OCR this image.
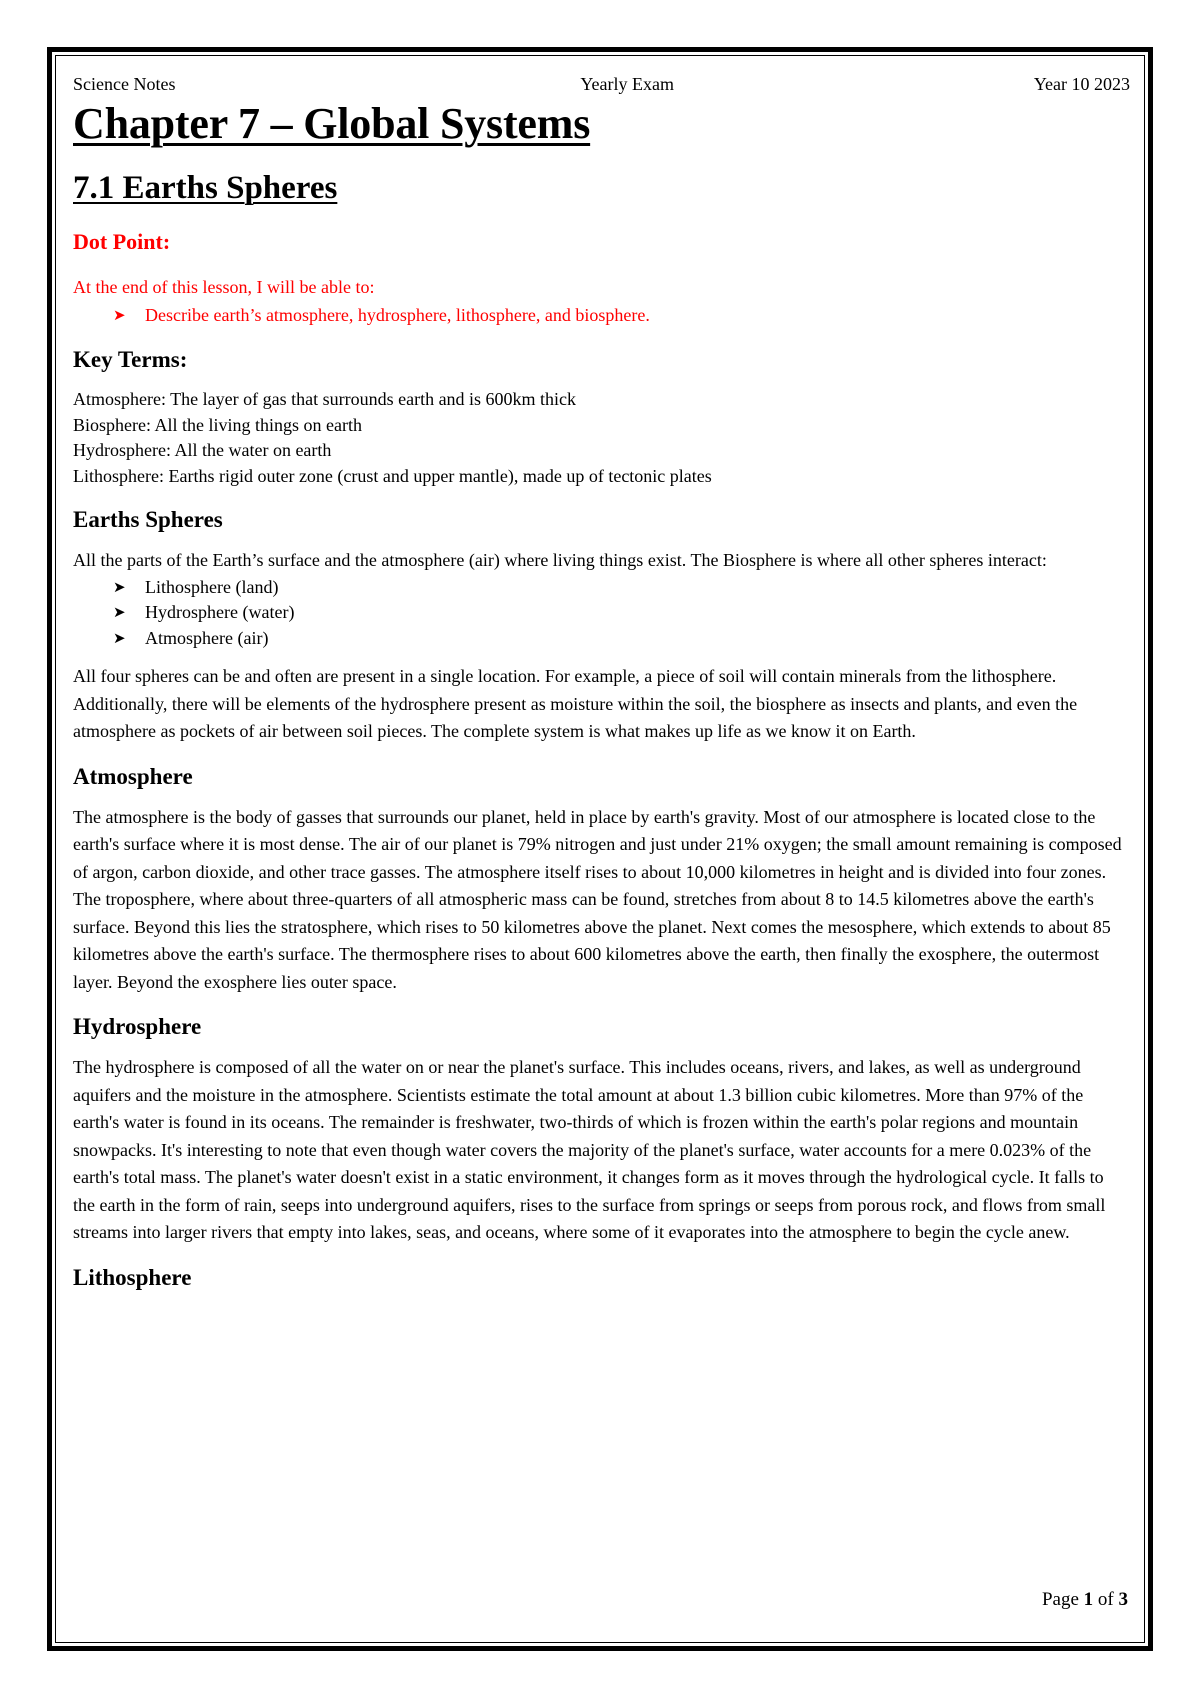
Science Notes	Yearly Exam	Year 10 2023
Chapter 7 – Global Systems
7.1 Earths Spheres
Dot Point:

At the end of this lesson, I will be able to:

➤ Describe earth’s atmosphere, hydrosphere, lithosphere, and biosphere.
Key Terms:
Atmosphere: The layer of gas that surrounds earth and is 600km thick
Biosphere: All the living things on earth
Hydrosphere: All the water on earth
Lithosphere: Earths rigid outer zone (crust and upper mantle), made up of tectonic plates
Earths Spheres

All the parts of the Earth’s surface and the atmosphere (air) where living things exist. The Biosphere is where all other spheres interact:

➤ Lithosphere (land)
➤ Hydrosphere (water)
➤ Atmosphere (air)

All four spheres can be and often are present in a single location. For example, a piece of soil will contain minerals from the lithosphere. Additionally, there will be elements of the hydrosphere present as moisture within the soil, the biosphere as insects and plants, and even the atmosphere as pockets of air between soil pieces. The complete system is what makes up life as we know it on Earth.

Atmosphere

The atmosphere is the body of gasses that surrounds our planet, held in place by earth's gravity. Most of our atmosphere is located close to the earth's surface where it is most dense. The air of our planet is 79% nitrogen and just under 21% oxygen; the small amount remaining is composed of argon, carbon dioxide, and other trace gasses. The atmosphere itself rises to about 10,000 kilometres in height and is divided into four zones. The troposphere, where about three-quarters of all atmospheric mass can be found, stretches from about 8 to 14.5 kilometres above the earth's surface. Beyond this lies the stratosphere, which rises to 50 kilometres above the planet. Next comes the mesosphere, which extends to about 85 kilometres above the earth's surface. The thermosphere rises to about 600 kilometres above the earth, then finally the exosphere, the outermost layer. Beyond the exosphere lies outer space.

Hydrosphere

The hydrosphere is composed of all the water on or near the planet's surface. This includes oceans, rivers, and lakes, as well as underground aquifers and the moisture in the atmosphere. Scientists estimate the total amount at about 1.3 billion cubic kilometres. More than 97% of the earth's water is found in its oceans. The remainder is freshwater, two-thirds of which is frozen within the earth's polar regions and mountain snowpacks. It's interesting to note that even though water covers the majority of the planet's surface, water accounts for a mere 0.023% of the earth's total mass. The planet's water doesn't exist in a static environment, it changes form as it moves through the hydrological cycle. It falls to the earth in the form of rain, seeps into underground aquifers, rises to the surface from springs or seeps from porous rock, and flows from small streams into larger rivers that empty into lakes, seas, and oceans, where some of it evaporates into the atmosphere to begin the cycle anew.

Lithosphere
Page 1 of 3
